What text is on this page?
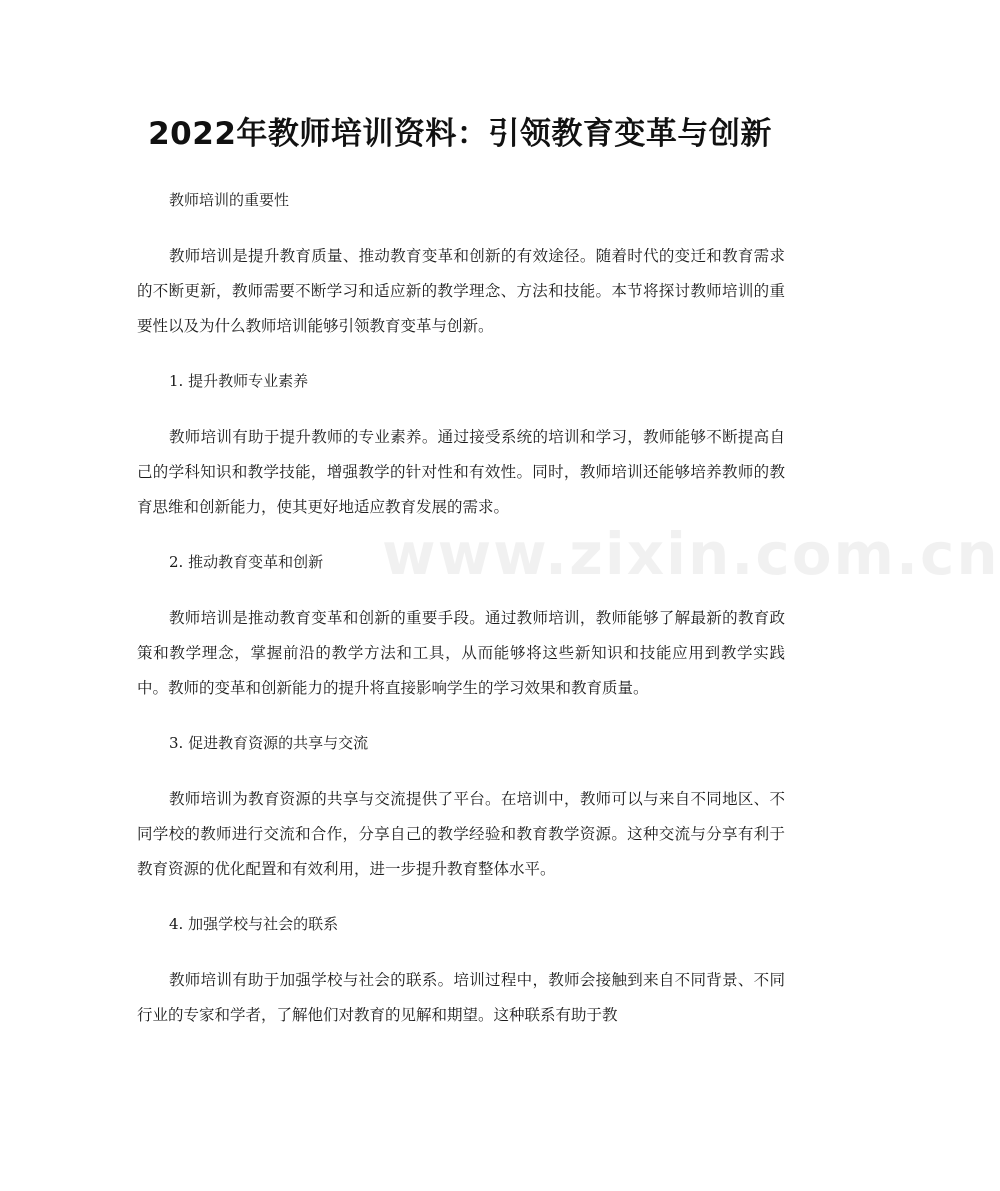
2022年教师培训资料：引领教育变革与创新
www.zixin.com.cn

教师培训的重要性

教师培训是提升教育质量、推动教育变革和创新的有效途径。随着时代的变迁和教育需求的不断更新，教师需要不断学习和适应新的教学理念、方法和技能。本节将探讨教师培训的重要性以及为什么教师培训能够引领教育变革与创新。

1. 提升教师专业素养

教师培训有助于提升教师的专业素养。通过接受系统的培训和学习，教师能够不断提高自己的学科知识和教学技能，增强教学的针对性和有效性。同时，教师培训还能够培养教师的教育思维和创新能力，使其更好地适应教育发展的需求。

2. 推动教育变革和创新

教师培训是推动教育变革和创新的重要手段。通过教师培训，教师能够了解最新的教育政策和教学理念，掌握前沿的教学方法和工具，从而能够将这些新知识和技能应用到教学实践中。教师的变革和创新能力的提升将直接影响学生的学习效果和教育质量。

3. 促进教育资源的共享与交流

教师培训为教育资源的共享与交流提供了平台。在培训中，教师可以与来自不同地区、不同学校的教师进行交流和合作，分享自己的教学经验和教育教学资源。这种交流与分享有利于教育资源的优化配置和有效利用，进一步提升教育整体水平。

4. 加强学校与社会的联系

教师培训有助于加强学校与社会的联系。培训过程中，教师会接触到来自不同背景、不同行业的专家和学者，了解他们对教育的见解和期望。这种联系有助于教
